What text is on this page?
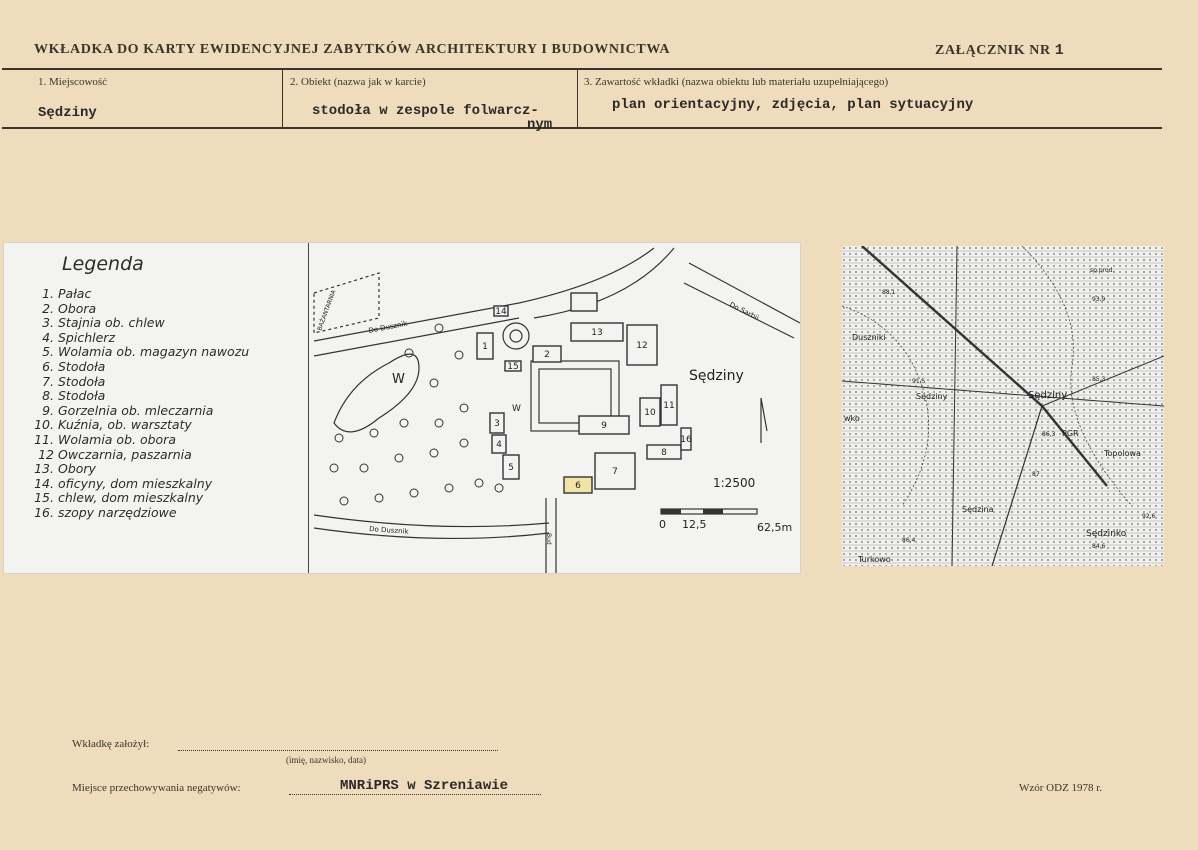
WKŁADKA DO KARTY EWIDENCYJNEJ ZABYTKÓW ARCHITEKTURY I BUDOWNICTWA	ZAŁĄCZNIK NR 1
1. Miejscowość
Sędziny
2. Obiekt (nazwa jak w karcie)
stodoła w zespole folwarcz-
nym
3. Zawartość wkładki (nazwa obiektu lub materiału uzupełniającego)
plan orientacyjny, zdjęcia, plan sytuacyjny
Legenda
1. Pałac
2. Obora
3. Stajnia ob. chlew
4. Spichlerz
5. Wolamia ob. magazyn nawozu
6. Stodoła
7. Stodoła
8. Stodoła
9. Gorzelnia ob. mleczarnia
10. Kuźnia, ob. warsztaty
11. Wolamia ob. obora
12 Owczarnia, paszarnia
13. Obory
14. oficyny, dom mieszkalny
15. chlew, dom mieszkalny
16. szopy narzędziowe
1
2
3
4
5
6
7
8
9
10
11
12
13
14
15
16
Sędziny
1:2500
0 12,5	62,5m
Do Dusznik
Do Sarbii
Do Dusznik
Bud
BAŻANTARNIA
W
W
Duszniki
Sędziny	Sędziny
PGR
Topolowa
Sędzina
Sędzinko
Turkowo
wko
sp.prod.
92,6
93,9
85,3
86,3
91,5
88,1
86,4
87
84,6
Wkładkę założył:
(imię, nazwisko, data)
Miejsce przechowywania negatywów:	MNRiPRS w Szreniawie	Wzór ODZ 1978 r.
